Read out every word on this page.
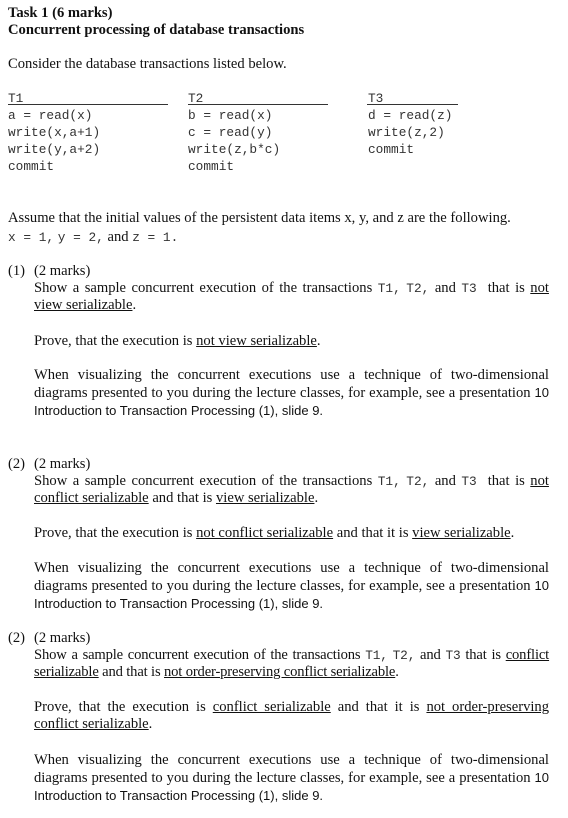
Task 1 (6 marks)
Concurrent processing of database transactions
Consider the database transactions listed below.
T1
a = read(x)
write(x,a+1)
write(y,a+2)
commit
T2
b = read(x)
c = read(y)
write(z,b*c)
commit
T3
d = read(z)
write(z,2)
commit
Assume that the initial values of the persistent data items x, y, and z are the following.
x = 1, y = 2, and z = 1.
(1) (2 marks)
Show a sample concurrent execution of the transactions T1, T2, and T3 that is not view serializable.
Prove, that the execution is not view serializable.
When visualizing the concurrent executions use a technique of two-dimensional diagrams presented to you during the lecture classes, for example, see a presentation 10 Introduction to Transaction Processing (1), slide 9.
(2) (2 marks)
Show a sample concurrent execution of the transactions T1, T2, and T3 that is not conflict serializable and that is view serializable.
Prove, that the execution is not conflict serializable and that it is view serializable.
When visualizing the concurrent executions use a technique of two-dimensional diagrams presented to you during the lecture classes, for example, see a presentation 10 Introduction to Transaction Processing (1), slide 9.
(2) (2 marks)
Show a sample concurrent execution of the transactions T1, T2, and T3 that is conflict serializable and that is not order-preserving conflict serializable.
Prove, that the execution is conflict serializable and that it is not order-preserving conflict serializable.
When visualizing the concurrent executions use a technique of two-dimensional diagrams presented to you during the lecture classes, for example, see a presentation 10 Introduction to Transaction Processing (1), slide 9.
